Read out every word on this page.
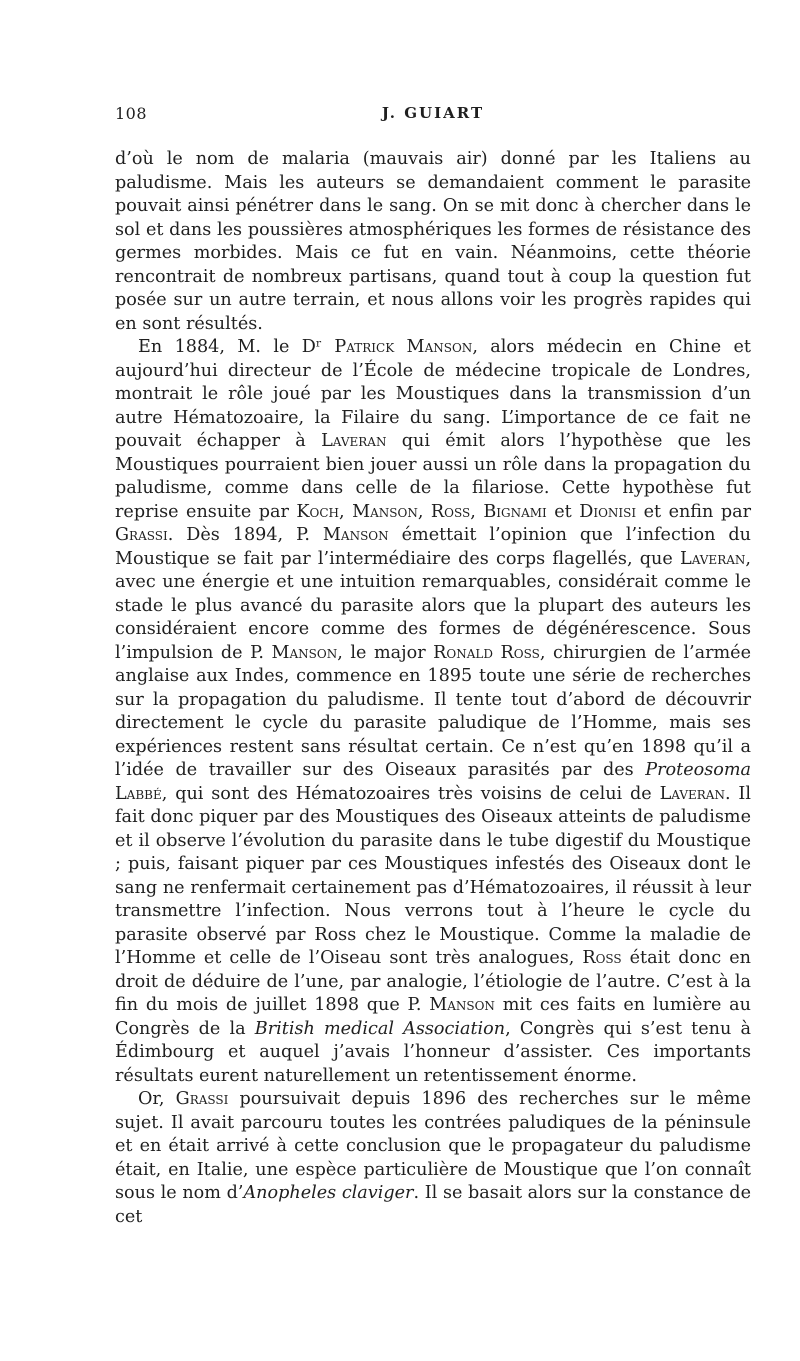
108	J. GUIART

d’où le nom de malaria (mauvais air) donné par les Italiens au paludisme. Mais les auteurs se demandaient comment le parasite pouvait ainsi pénétrer dans le sang. On se mit donc à chercher dans le sol et dans les poussières atmosphériques les formes de résistance des germes morbides. Mais ce fut en vain. Néanmoins, cette théorie rencontrait de nombreux partisans, quand tout à coup la question fut posée sur un autre terrain, et nous allons voir les progrès rapides qui en sont résultés.

En 1884, M. le Dʳ Patrick Manson, alors médecin en Chine et aujourd’hui directeur de l’École de médecine tropicale de Londres, montrait le rôle joué par les Moustiques dans la transmission d’un autre Hématozoaire, la Filaire du sang. L’importance de ce fait ne pouvait échapper à Laveran qui émit alors l’hypothèse que les Moustiques pourraient bien jouer aussi un rôle dans la propagation du paludisme, comme dans celle de la filariose. Cette hypothèse fut reprise ensuite par Koch, Manson, Ross, Bignami et Dionisi et enfin par Grassi. Dès 1894, P. Manson émettait l’opinion que l’infection du Moustique se fait par l’intermédiaire des corps flagellés, que Laveran, avec une énergie et une intuition remarquables, considérait comme le stade le plus avancé du parasite alors que la plupart des auteurs les considéraient encore comme des formes de dégénérescence. Sous l’impulsion de P. Manson, le major Ronald Ross, chirurgien de l’armée anglaise aux Indes, commence en 1895 toute une série de recherches sur la propagation du paludisme. Il tente tout d’abord de découvrir directement le cycle du parasite paludique de l’Homme, mais ses expériences restent sans résultat certain. Ce n’est qu’en 1898 qu’il a l’idée de travailler sur des Oiseaux parasités par des Proteosoma Labbé, qui sont des Hématozoaires très voisins de celui de Laveran. Il fait donc piquer par des Moustiques des Oiseaux atteints de paludisme et il observe l’évolution du parasite dans le tube digestif du Moustique ; puis, faisant piquer par ces Moustiques infestés des Oiseaux dont le sang ne renfermait certainement pas d’Hématozoaires, il réussit à leur transmettre l’infection. Nous verrons tout à l’heure le cycle du parasite observé par Ross chez le Moustique. Comme la maladie de l’Homme et celle de l’Oiseau sont très analogues, Ross était donc en droit de déduire de l’une, par analogie, l’étiologie de l’autre. C’est à la fin du mois de juillet 1898 que P. Manson mit ces faits en lumière au Congrès de la British medical Association, Congrès qui s’est tenu à Édimbourg et auquel j’avais l’honneur d’assister. Ces importants résultats eurent naturellement un retentissement énorme.

Or, Grassi poursuivait depuis 1896 des recherches sur le même sujet. Il avait parcouru toutes les contrées paludiques de la péninsule et en était arrivé à cette conclusion que le propagateur du paludisme était, en Italie, une espèce particulière de Moustique que l’on connaît sous le nom d’Anopheles claviger. Il se basait alors sur la constance de cet
